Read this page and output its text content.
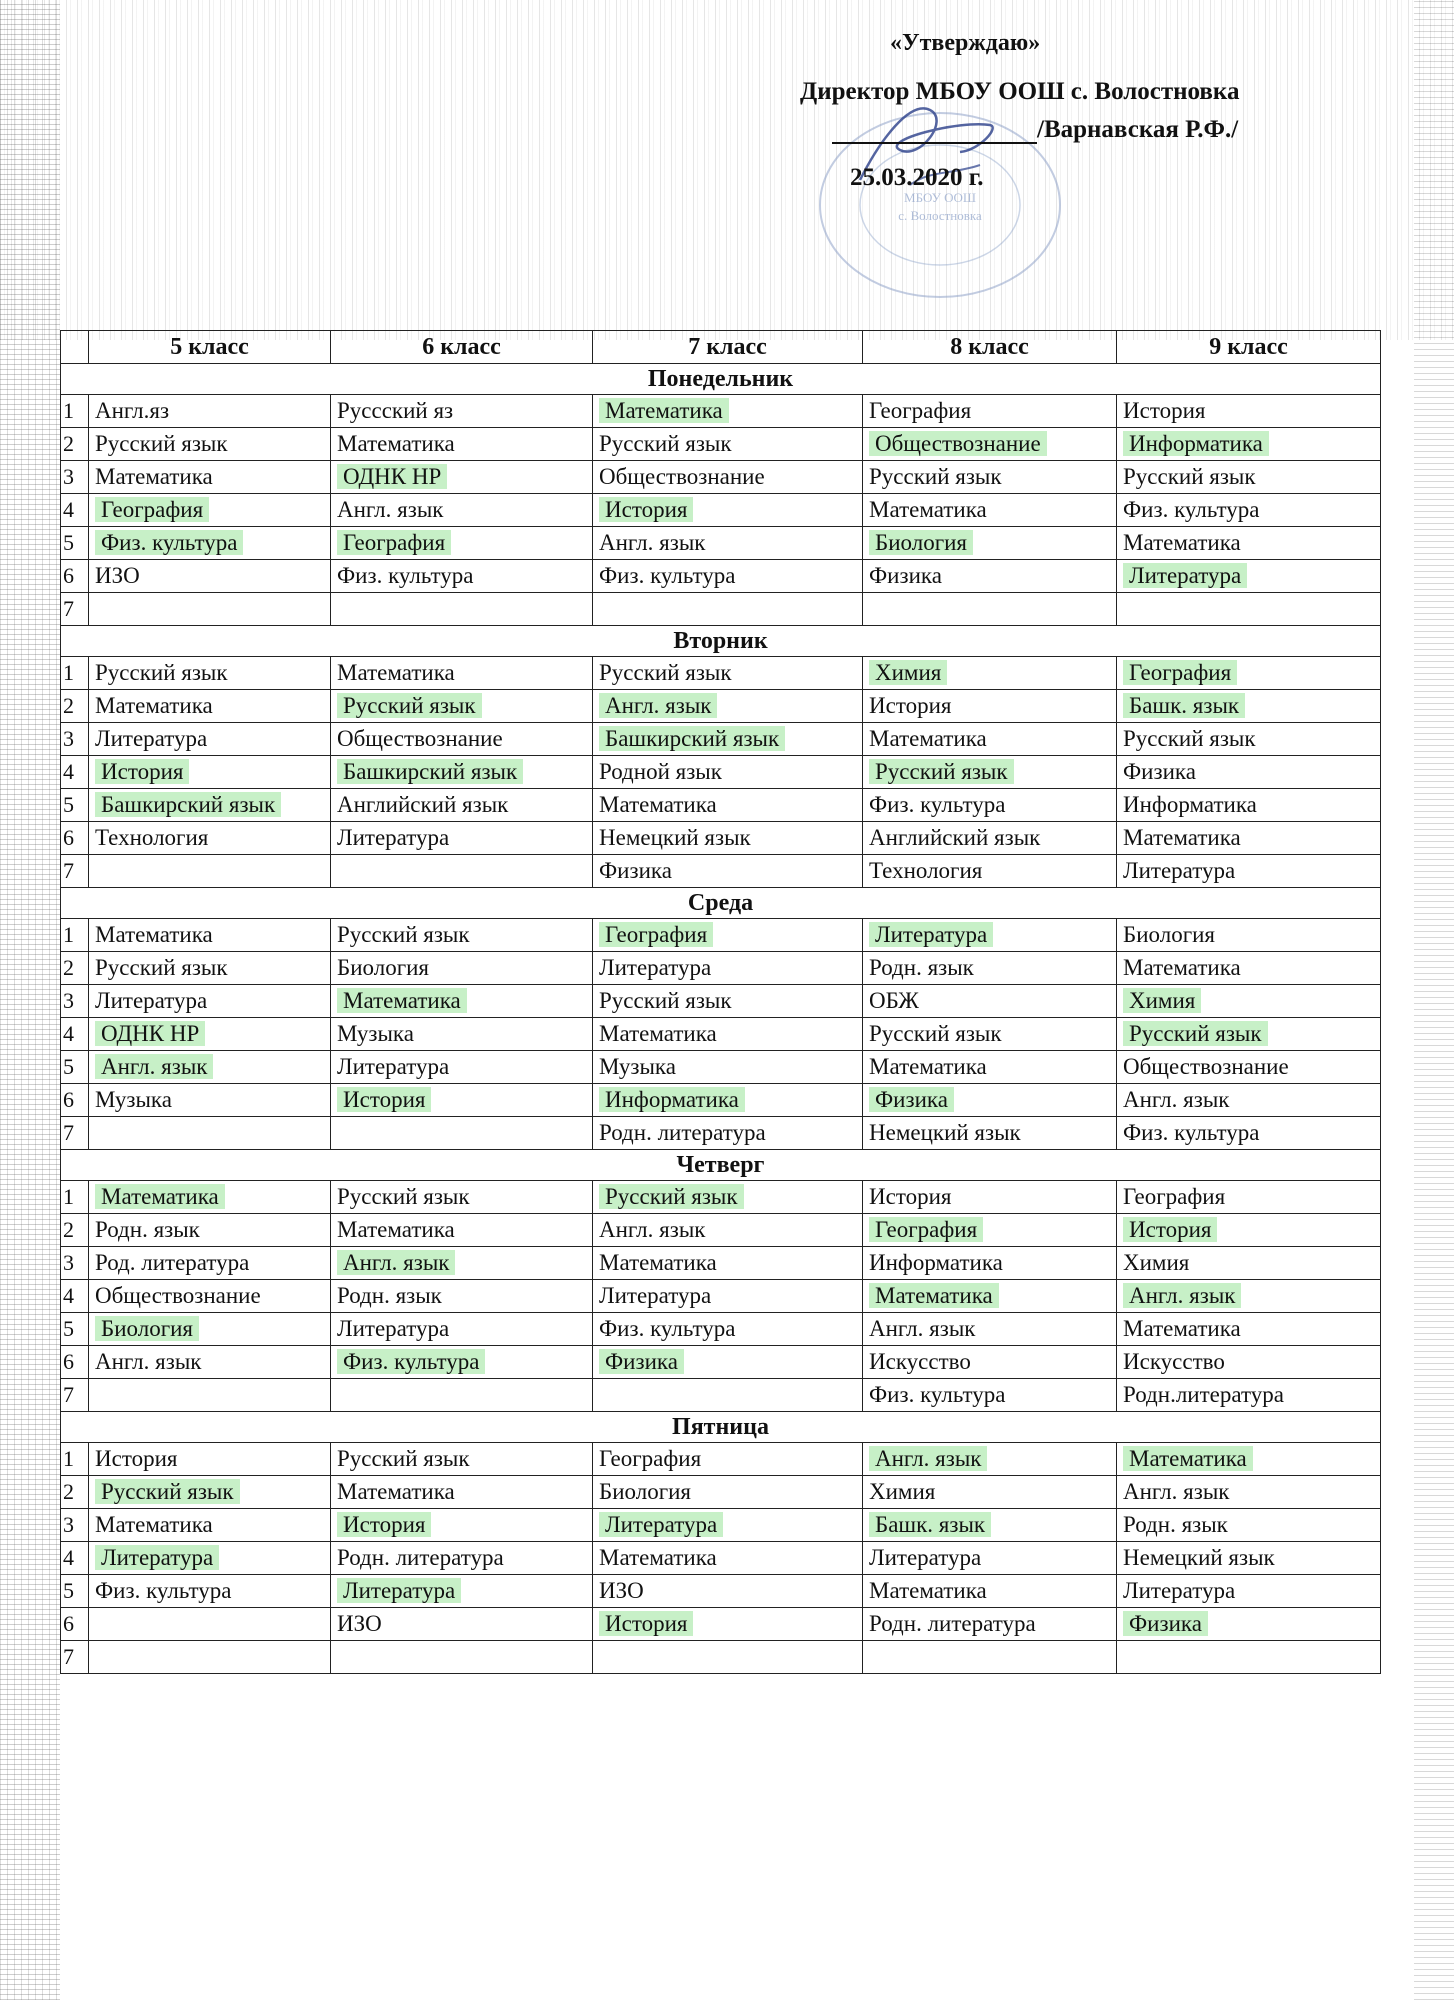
МБОУ ООШ
с. Волостновка
«Утверждаю»
Директор МБОУ ООШ с. Волостновка
/Варнавская Р.Ф./
25.03.2020 г.
	5 класс	6 класс	7 класс	8 класс	9 класс
Понедельник					
1	Англ.яз	Руссский яз	Математика	География	История
2	Русский язык	Математика	Русский язык	Обществознание	Информатика
3	Математика	ОДНК НР	Обществознание	Русский язык	Русский язык
4	География	Англ. язык	История	Математика	Физ. культура
5	Физ. культура	География	Англ. язык	Биология	Математика
6	ИЗО	Физ. культура	Физ. культура	Физика	Литература
7					
Вторник					
1	Русский язык	Математика	Русский язык	Химия	География
2	Математика	Русский язык	Англ. язык	История	Башк. язык
3	Литература	Обществознание	Башкирский язык	Математика	Русский язык
4	История	Башкирский язык	Родной язык	Русский язык	Физика
5	Башкирский язык	Английский язык	Математика	Физ. культура	Информатика
6	Технология	Литература	Немецкий язык	Английский язык	Математика
7			Физика	Технология	Литература
Среда					
1	Математика	Русский язык	География	Литература	Биология
2	Русский язык	Биология	Литература	Родн. язык	Математика
3	Литература	Математика	Русский язык	ОБЖ	Химия
4	ОДНК НР	Музыка	Математика	Русский язык	Русский язык
5	Англ. язык	Литература	Музыка	Математика	Обществознание
6	Музыка	История	Информатика	Физика	Англ. язык
7			Родн. литература	Немецкий язык	Физ. культура
Четверг					
1	Математика	Русский язык	Русский язык	История	География
2	Родн. язык	Математика	Англ. язык	География	История
3	Род. литература	Англ. язык	Математика	Информатика	Химия
4	Обществознание	Родн. язык	Литература	Математика	Англ. язык
5	Биология	Литература	Физ. культура	Англ. язык	Математика
6	Англ. язык	Физ. культура	Физика	Искусство	Искусство
7				Физ. культура	Родн.литература
Пятница					
1	История	Русский язык	География	Англ. язык	Математика
2	Русский язык	Математика	Биология	Химия	Англ. язык
3	Математика	История	Литература	Башк. язык	Родн. язык
4	Литература	Родн. литература	Математика	Литература	Немецкий язык
5	Физ. культура	Литература	ИЗО	Математика	Литература
6		ИЗО	История	Родн. литература	Физика
7					
